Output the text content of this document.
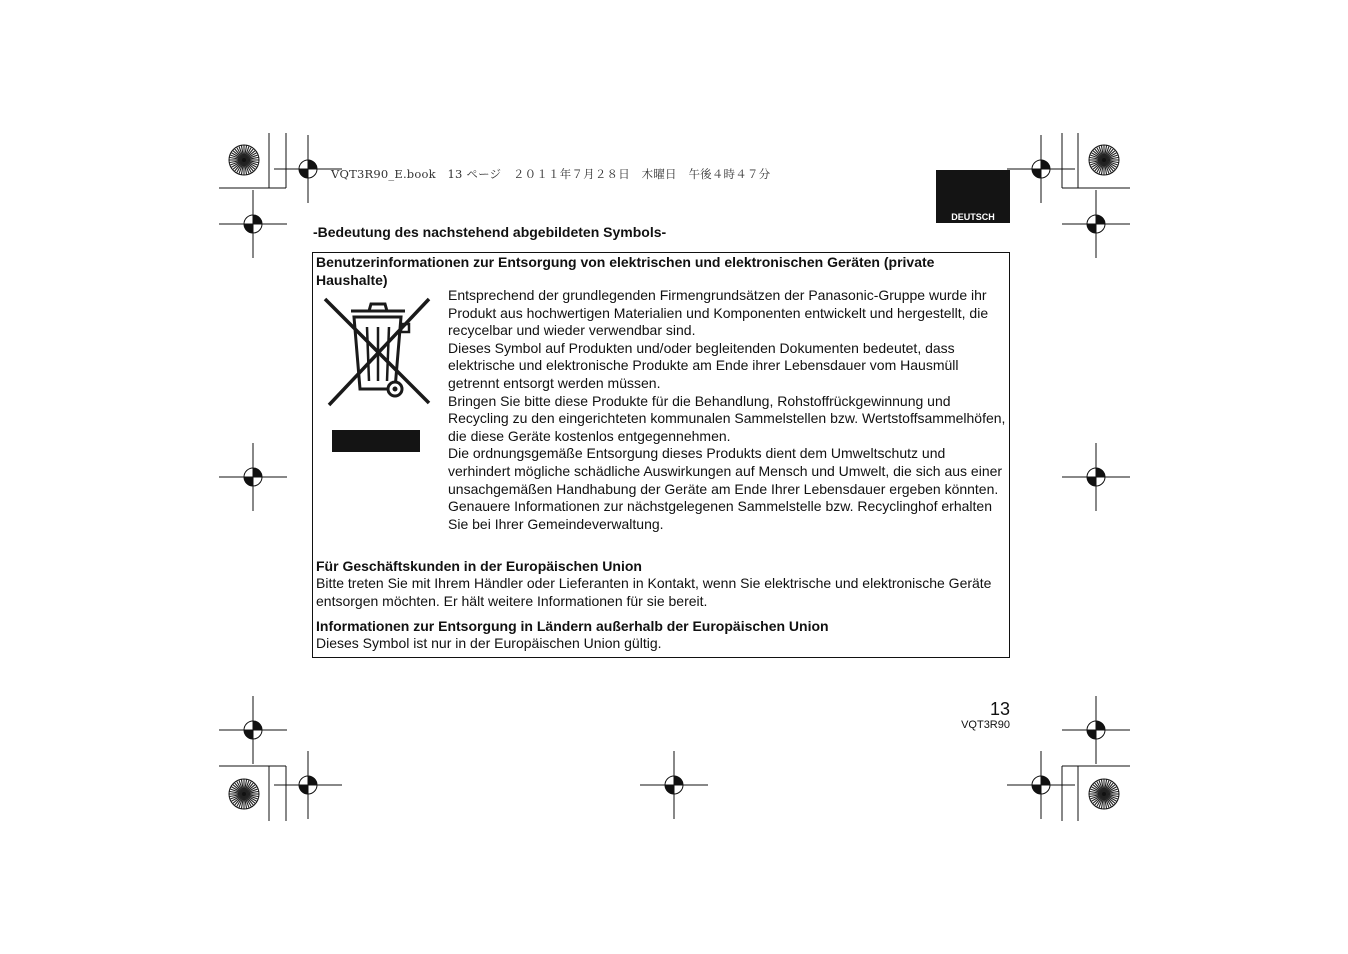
VQT3R90_E.book　13 ページ　２０１１年７月２８日　木曜日　午後４時４７分
DEUTSCH
-Bedeutung des nachstehend abgebildeten Symbols-
Benutzerinformationen zur Entsorgung von elektrischen und elektronischen Geräten (private Haushalte)
Entsprechend der grundlegenden Firmengrundsätzen der Panasonic-Gruppe wurde ihr Produkt aus hochwertigen Materialien und Komponenten entwickelt und hergestellt, die recycelbar und wieder verwendbar sind.
Dieses Symbol auf Produkten und/oder begleitenden Dokumenten bedeutet, dass elektrische und elektronische Produkte am Ende ihrer Lebensdauer vom Hausmüll getrennt entsorgt werden müssen.
Bringen Sie bitte diese Produkte für die Behandlung, Rohstoffrückgewinnung und Recycling zu den eingerichteten kommunalen Sammelstellen bzw. Wertstoffsammelhöfen, die diese Geräte kostenlos entgegennehmen.
Die ordnungsgemäße Entsorgung dieses Produkts dient dem Umweltschutz und verhindert mögliche schädliche Auswirkungen auf Mensch und Umwelt, die sich aus einer unsachgemäßen Handhabung der Geräte am Ende Ihrer Lebensdauer ergeben könnten.
Genauere Informationen zur nächstgelegenen Sammelstelle bzw. Recyclinghof erhalten Sie bei Ihrer Gemeindeverwaltung.
Für Geschäftskunden in der Europäischen Union
Bitte treten Sie mit Ihrem Händler oder Lieferanten in Kontakt, wenn Sie elektrische und elektronische Geräte entsorgen möchten. Er hält weitere Informationen für sie bereit.
Informationen zur Entsorgung in Ländern außerhalb der Europäischen Union
Dieses Symbol ist nur in der Europäischen Union gültig.
13
VQT3R90
